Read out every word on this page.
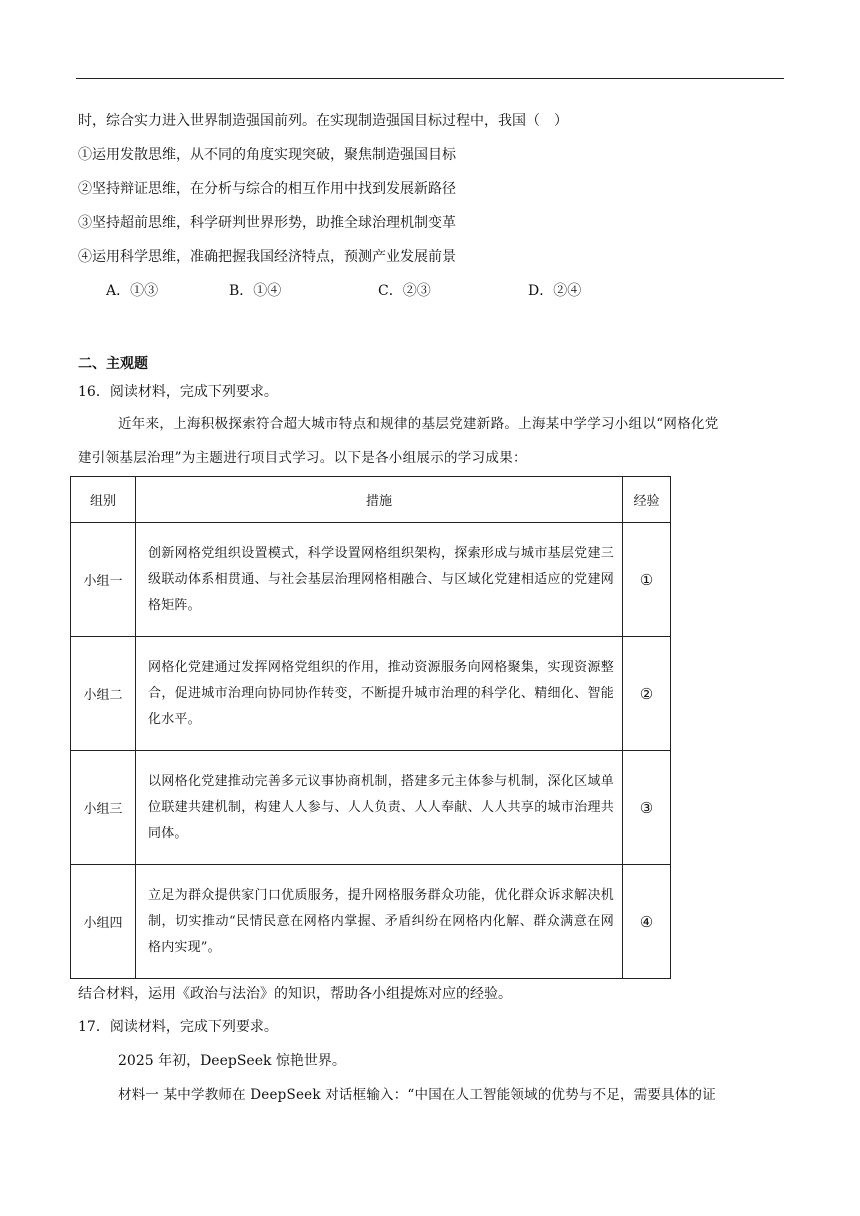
时，综合实力进入世界制造强国前列。在实现制造强国目标过程中，我国（　）
①运用发散思维，从不同的角度实现突破，聚焦制造强国目标
②坚持辩证思维，在分析与综合的相互作用中找到发展新路径
③坚持超前思维，科学研判世界形势，助推全球治理机制变革
④运用科学思维，准确把握我国经济特点，预测产业发展前景
A．①③	B．①④	C．②③	D．②④
二、主观题
16．阅读材料，完成下列要求。
近年来，上海积极探索符合超大城市特点和规律的基层党建新路。上海某中学学习小组以“网格化党
建引领基层治理”为主题进行项目式学习。以下是各小组展示的学习成果：
组别	措施	经验
小组一	创新网格党组织设置模式，科学设置网格组织架构，探索形成与城市基层党建三级联动体系相贯通、与社会基层治理网格相融合、与区域化党建相适应的党建网格矩阵。	①
小组二	网格化党建通过发挥网格党组织的作用，推动资源服务向网格聚集，实现资源整合，促进城市治理向协同协作转变，不断提升城市治理的科学化、精细化、智能化水平。	②
小组三	以网格化党建推动完善多元议事协商机制，搭建多元主体参与机制，深化区域单位联建共建机制，构建人人参与、人人负责、人人奉献、人人共享的城市治理共同体。	③
小组四	立足为群众提供家门口优质服务，提升网格服务群众功能，优化群众诉求解决机制，切实推动“民情民意在网格内掌握、矛盾纠纷在网格内化解、群众满意在网格内实现”。	④
结合材料，运用《政治与法治》的知识，帮助各小组提炼对应的经验。
17．阅读材料，完成下列要求。
2025 年初，DeepSeek 惊艳世界。
材料一 某中学教师在 DeepSeek 对话框输入：“中国在人工智能领域的优势与不足，需要具体的证
